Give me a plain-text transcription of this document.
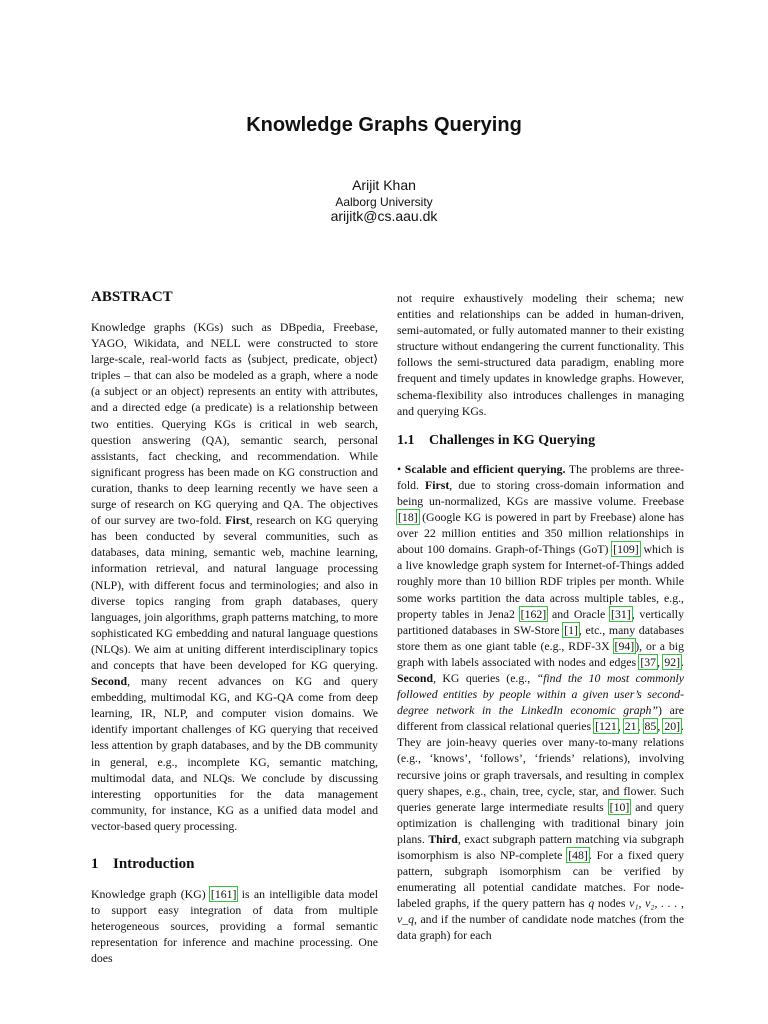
Knowledge Graphs Querying

Arijit Khan

Aalborg University

arijitk@cs.aau.dk

ABSTRACT

Knowledge graphs (KGs) such as DBpedia, Freebase, YAGO, Wikidata, and NELL were constructed to store large-scale, real-world facts as ⟨subject, predicate, object⟩ triples – that can also be modeled as a graph, where a node (a subject or an object) represents an entity with attributes, and a directed edge (a predicate) is a relationship between two entities. Querying KGs is critical in web search, question answering (QA), semantic search, personal assistants, fact checking, and recommendation. While significant progress has been made on KG construction and curation, thanks to deep learning recently we have seen a surge of research on KG querying and QA. The objectives of our survey are two-fold. First, research on KG querying has been conducted by several communities, such as databases, data mining, semantic web, machine learning, information retrieval, and natural language processing (NLP), with different focus and terminologies; and also in diverse topics ranging from graph databases, query languages, join algorithms, graph patterns matching, to more sophisticated KG embedding and natural language questions (NLQs). We aim at uniting different interdisciplinary topics and concepts that have been developed for KG querying. Second, many recent advances on KG and query embedding, multimodal KG, and KG-QA come from deep learning, IR, NLP, and computer vision domains. We identify important challenges of KG querying that received less attention by graph databases, and by the DB community in general, e.g., incomplete KG, semantic matching, multimodal data, and NLQs. We conclude by discussing interesting opportunities for the data management community, for instance, KG as a unified data model and vector-based query processing.

1 Introduction

Knowledge graph (KG) [161] is an intelligible data model to support easy integration of data from multiple heterogeneous sources, providing a formal semantic representation for inference and machine processing. One does

not require exhaustively modeling their schema; new entities and relationships can be added in human-driven, semi-automated, or fully automated manner to their existing structure without endangering the current functionality. This follows the semi-structured data paradigm, enabling more frequent and timely updates in knowledge graphs. However, schema-flexibility also introduces challenges in managing and querying KGs.

1.1 Challenges in KG Querying

• Scalable and efficient querying. The problems are three-fold. First, due to storing cross-domain information and being un-normalized, KGs are massive volume. Freebase [18] (Google KG is powered in part by Freebase) alone has over 22 million entities and 350 million relationships in about 100 domains. Graph-of-Things (GoT) [109] which is a live knowledge graph system for Internet-of-Things added roughly more than 10 billion RDF triples per month. While some works partition the data across multiple tables, e.g., property tables in Jena2 [162] and Oracle [31], vertically partitioned databases in SW-Store [1], etc., many databases store them as one giant table (e.g., RDF-3X [94]), or a big graph with labels associated with nodes and edges [37, 92]. Second, KG queries (e.g., “find the 10 most commonly followed entities by people within a given user’s second-degree network in the LinkedIn economic graph”) are different from classical relational queries [121, 21, 85, 20]. They are join-heavy queries over many-to-many relations (e.g., ‘knows’, ‘follows’, ‘friends’ relations), involving recursive joins or graph traversals, and resulting in complex query shapes, e.g., chain, tree, cycle, star, and flower. Such queries generate large intermediate results [10] and query optimization is challenging with traditional binary join plans. Third, exact subgraph pattern matching via subgraph isomorphism is also NP-complete [48]. For a fixed query pattern, subgraph isomorphism can be verified by enumerating all potential candidate matches. For node-labeled graphs, if the query pattern has q nodes v₁, v₂, . . . , v_q, and if the number of candidate node matches (from the data graph) for each
